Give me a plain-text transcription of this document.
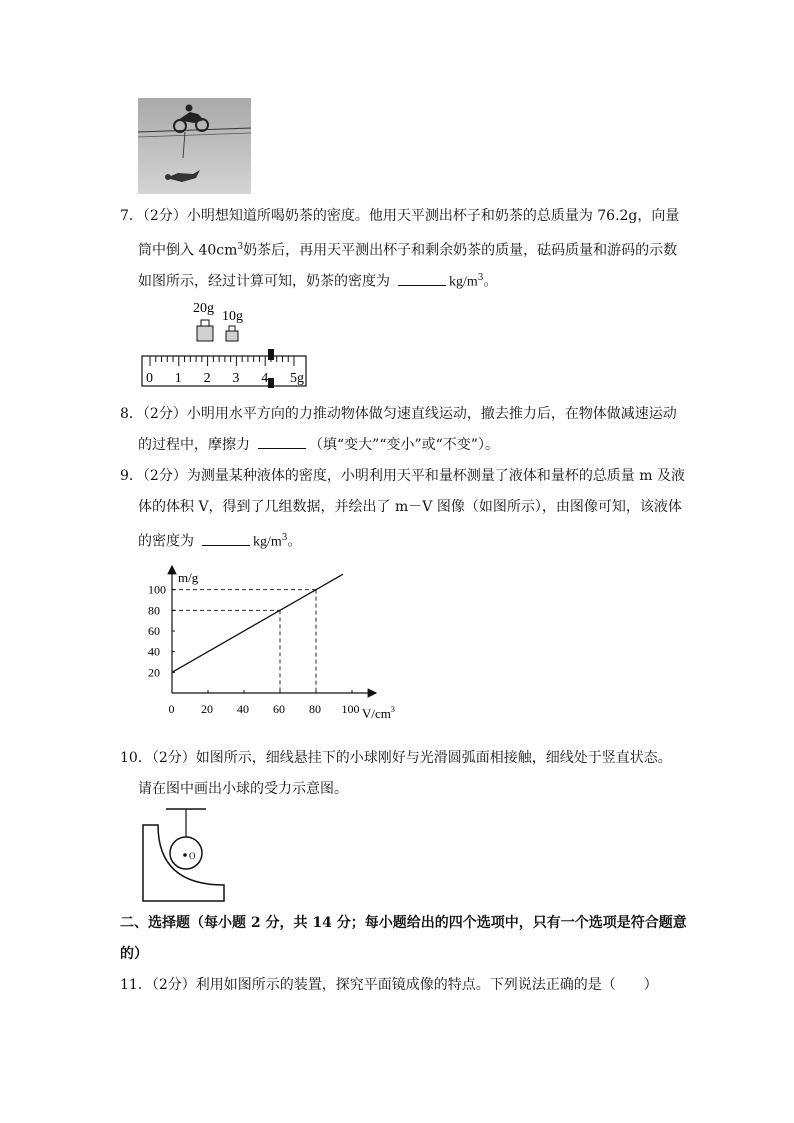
7．（2分）小明想知道所喝奶茶的密度。他用天平测出杯子和奶茶的总质量为 76.2g，向量
筒中倒入 $40cm^3$奶茶后，再用天平测出杯子和剩余奶茶的质量，砝码质量和游码的示数
如图所示，经过计算可知，奶茶的密度为	$kg/m^3$。
20g
10g
0 1 2 3 4 5g
8．（2分）小明用水平方向的力推动物体做匀速直线运动，撤去推力后，在物体做减速运动
的过程中，摩擦力	（填“变大”“变小”或“不变”）。
9．（2分）为测量某种液体的密度，小明利用天平和量杯测量了液体和量杯的总质量 m 及液
体的体积 V，得到了几组数据，并绘出了 m－V 图像（如图所示），由图像可知，该液体
的密度为	$kg/m^3$。
m/g
$V/cm^3$
0 20 40 60 80 100
20
40
60
80
100
10．（2分）如图所示，细线悬挂下的小球刚好与光滑圆弧面相接触，细线处于竖直状态。
请在图中画出小球的受力示意图。
O
二、选择题（每小题 2 分，共 14 分；每小题给出的四个选项中，只有一个选项是符合题意
的）
11．（2分）利用如图所示的装置，探究平面镜成像的特点。下列说法正确的是（　　）
